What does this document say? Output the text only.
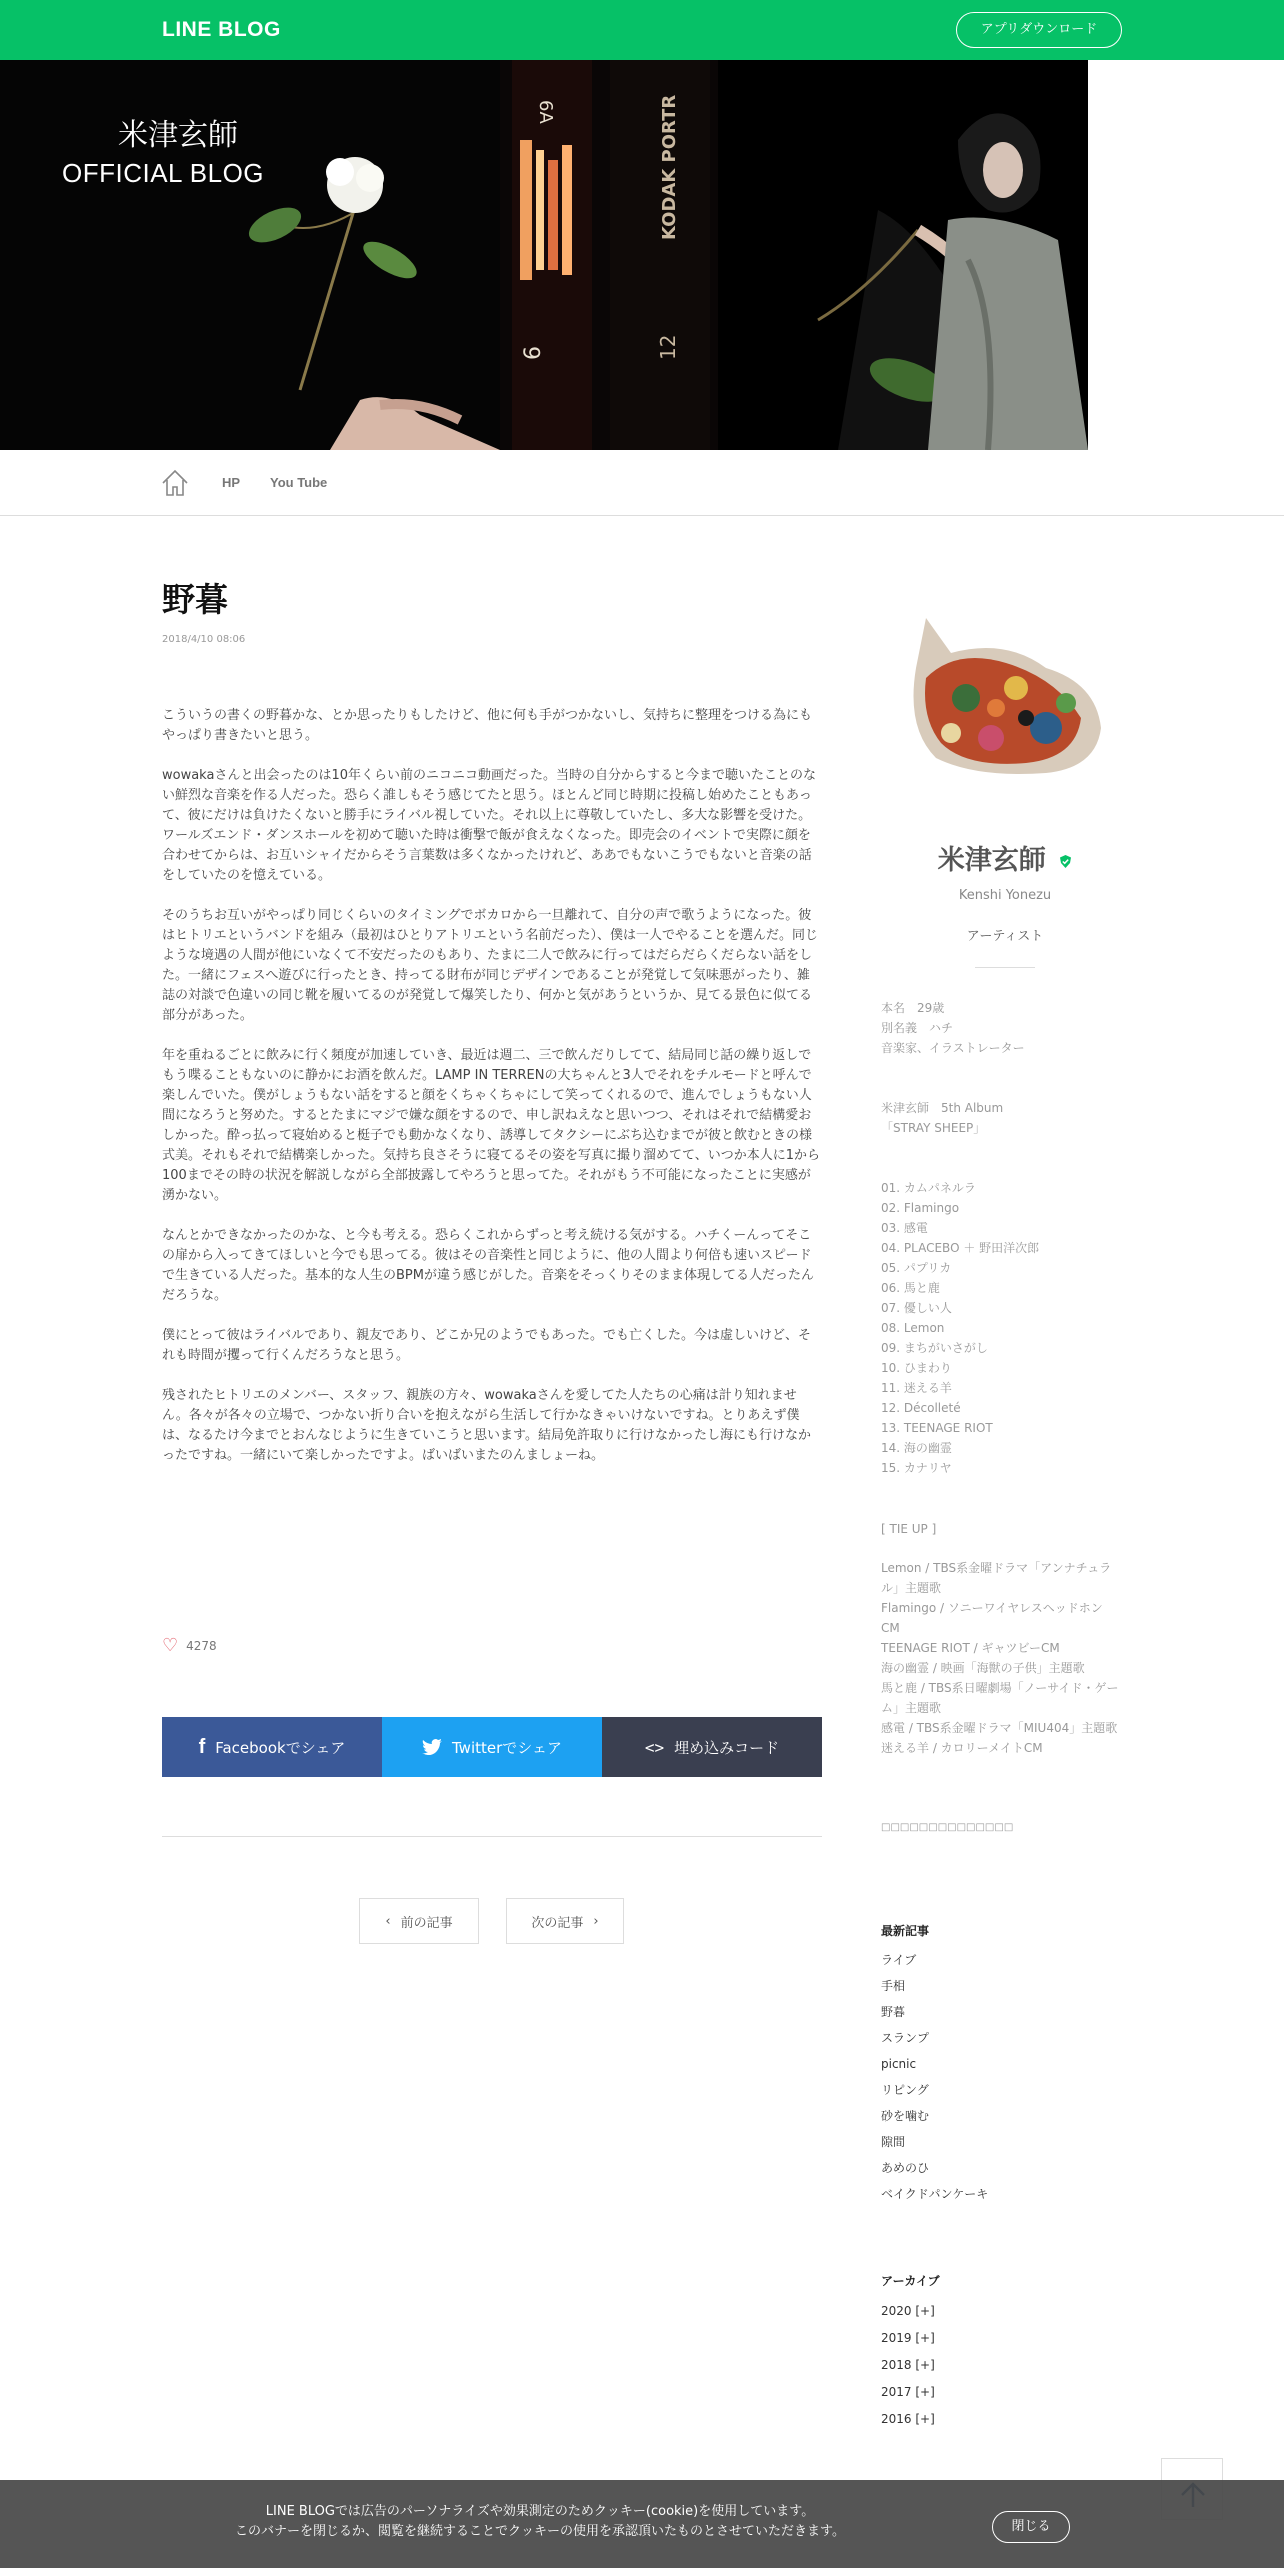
LINE BLOG	アプリダウンロード
6
6A	KODAK PORTR
12
米津玄師
OFFICIAL BLOG
HP You Tube
野暮
2018/4/10 08:06

こういうの書くの野暮かな、とか思ったりもしたけど、他に何も手がつかないし、気持ちに整理をつける為にもやっぱり書きたいと思う。

wowakaさんと出会ったのは10年くらい前のニコニコ動画だった。当時の自分からすると今まで聴いたことのない鮮烈な音楽を作る人だった。恐らく誰しもそう感じてたと思う。ほとんど同じ時期に投稿し始めたこともあって、彼にだけは負けたくないと勝手にライバル視していた。それ以上に尊敬していたし、多大な影響を受けた。ワールズエンド・ダンスホールを初めて聴いた時は衝撃で飯が食えなくなった。即売会のイベントで実際に顔を合わせてからは、お互いシャイだからそう言葉数は多くなかったけれど、ああでもないこうでもないと音楽の話をしていたのを憶えている。

そのうちお互いがやっぱり同じくらいのタイミングでボカロから一旦離れて、自分の声で歌うようになった。彼はヒトリエというバンドを組み（最初はひとりアトリエという名前だった）、僕は一人でやることを選んだ。同じような境遇の人間が他にいなくて不安だったのもあり、たまに二人で飲みに行ってはだらだらくだらない話をした。一緒にフェスへ遊びに行ったとき、持ってる財布が同じデザインであることが発覚して気味悪がったり、雑誌の対談で色違いの同じ靴を履いてるのが発覚して爆笑したり、何かと気があうというか、見てる景色に似てる部分があった。

年を重ねるごとに飲みに行く頻度が加速していき、最近は週二、三で飲んだりしてて、結局同じ話の繰り返しでもう喋ることもないのに静かにお酒を飲んだ。LAMP IN TERRENの大ちゃんと3人でそれをチルモードと呼んで楽しんでいた。僕がしょうもない話をすると顔をくちゃくちゃにして笑ってくれるので、進んでしょうもない人間になろうと努めた。するとたまにマジで嫌な顔をするので、申し訳ねえなと思いつつ、それはそれで結構愛おしかった。酔っ払って寝始めると梃子でも動かなくなり、誘導してタクシーにぶち込むまでが彼と飲むときの様式美。それもそれで結構楽しかった。気持ち良さそうに寝てるその姿を写真に撮り溜めてて、いつか本人に1から100までその時の状況を解説しながら全部披露してやろうと思ってた。それがもう不可能になったことに実感が湧かない。

なんとかできなかったのかな、と今も考える。恐らくこれからずっと考え続ける気がする。ハチくーんってそこの扉から入ってきてほしいと今でも思ってる。彼はその音楽性と同じように、他の人間より何倍も速いスピードで生きている人だった。基本的な人生のBPMが違う感じがした。音楽をそっくりそのまま体現してる人だったんだろうな。

僕にとって彼はライバルであり、親友であり、どこか兄のようでもあった。でも亡くした。今は虚しいけど、それも時間が攫って行くんだろうなと思う。

残されたヒトリエのメンバー、スタッフ、親族の方々、wowakaさんを愛してた人たちの心痛は計り知れません。各々が各々の立場で、つかない折り合いを抱えながら生活して行かなきゃいけないですね。とりあえず僕は、なるたけ今までとおんなじように生きていこうと思います。結局免許取りに行けなかったし海にも行けなかったですね。一緒にいて楽しかったですよ。ばいばいまたのんましょーね。

♡ 4278
f Facebookでシェア	Twitterでシェア	<> 埋め込みコード
‹ 前の記事	次の記事 ›
米津玄師
Kenshi Yonezu
アーティスト
本名　29歳
別名義　ハチ
音楽家、イラストレーター
米津玄師　5th Album
「STRAY SHEEP」
01. カムパネルラ
02. Flamingo
03. 感電
04. PLACEBO ＋ 野田洋次郎
05. パプリカ
06. 馬と鹿
07. 優しい人
08. Lemon
09. まちがいさがし
10. ひまわり
11. 迷える羊
12. Décolleté
13. TEENAGE RIOT
14. 海の幽霊
15. カナリヤ
[ TIE UP ]
Lemon / TBS系金曜ドラマ「アンナチュラル」主題歌
Flamingo / ソニーワイヤレスヘッドホンCM
TEENAGE RIOT / ギャツビーCM
海の幽霊 / 映画「海獣の子供」主題歌
馬と鹿 / TBS系日曜劇場「ノーサイド・ゲーム」主題歌
感電 / TBS系金曜ドラマ「MIU404」主題歌
迷える羊 / カロリーメイトCM
□□□□□□□□□□□□□□
最新記事
ライブ
手相
野暮
スランプ
picnic
リピング
砂を噛む
隙間
あめのひ
ベイクドパンケーキ
アーカイブ
2020 [+]
2019 [+]
2018 [+]
2017 [+]
2016 [+]
LINE BLOGでは広告のパーソナライズや効果測定のためクッキー(cookie)を使用しています。
このバナーを閉じるか、閲覧を継続することでクッキーの使用を承認頂いたものとさせていただきます。	閉じる
